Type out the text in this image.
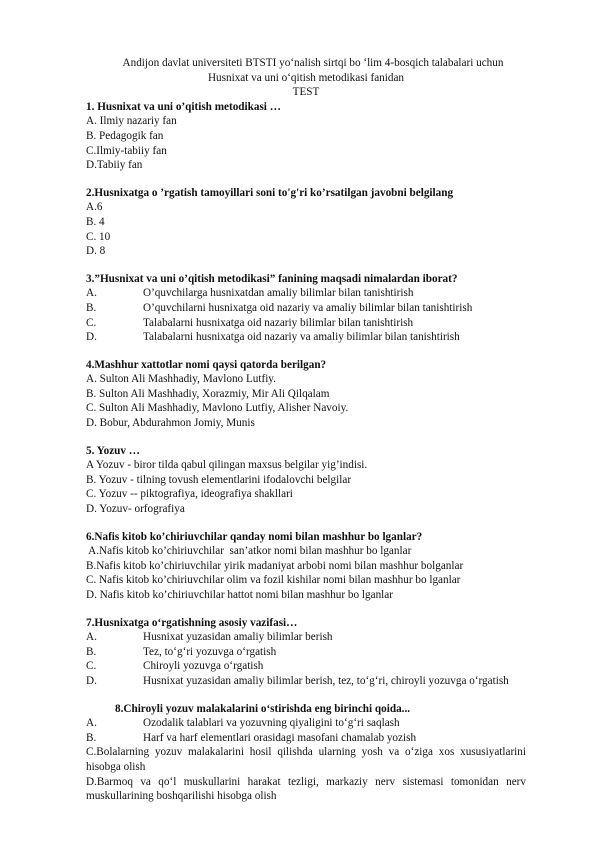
Andijon davlat universiteti BTSTI yo‘nalish sirtqi bo ‘lim 4-bosqich talabalari uchun
Husnixat va uni o‘qitish metodikasi fanidan
TEST
1. Husnixat va uni o’qitish metodikasi …
A. Ilmiy nazariy fan
B. Pedagogik fan
C.Ilmiy-tabiiy fan
D.Tabiiy fan
2.Husnixatga o ’rgatish tamoyillari soni to'g'ri ko’rsatilgan javobni belgilang
A.6
B. 4
C. 10
D. 8
3.”Husnixat va uni o’qitish metodikasi” fanining maqsadi nimalardan iborat?
A.	O’quvchilarga husnixatdan amaliy bilimlar bilan tanishtirish
B.	O’quvchilarni husnixatga oid nazariy va amaliy bilimlar bilan tanishtirish
C.	Talabalarni husnixatga oid nazariy bilimlar bilan tanishtirish
D.	Talabalarni husnixatga oid nazariy va amaliy bilimlar bilan tanishtirish
4.Mashhur xattotlar nomi qaysi qatorda berilgan?
A. Sulton Ali Mashhadiy, Mavlono Lutfiy.
B. Sulton Ali Mashhadiy, Xorazmiy, Mir Ali Qilqalam
C. Sulton Ali Mashhadiy, Mavlono Lutfiy, Alisher Navoiy.
D. Bobur, Abdurahmon Jomiy, Munis
5. Yozuv …
A Yozuv - biror tilda qabul qilingan maxsus belgilar yig’indisi.
B. Yozuv - tilning tovush elementlarini ifodalovchi belgilar
C. Yozuv -- piktografiya, ideografiya shakllari
D. Yozuv- orfografiya
6.Nafis kitob ko’chiriuvchilar qanday nomi bilan mashhur bo lganlar?
A.Nafis kitob ko’chiriuvchilar  san’atkor nomi bilan mashhur bo lganlar
B.Nafis kitob ko’chiriuvchilar yirik madaniyat arbobi nomi bilan mashhur bolganlar
C. Nafis kitob ko’chiriuvchilar olim va fozil kishilar nomi bilan mashhur bo lganlar
D. Nafis kitob ko’chiriuvchilar hattot nomi bilan mashhur bo lganlar
7.Husnixatga o‘rgatishning asosiy vazifasi…
A.	Husnixat yuzasidan amaliy bilimlar berish
B.	Tez, to‘g‘ri yozuvga o‘rgatish
C.	Chiroyli yozuvga o‘rgatish
D.	Husnixat yuzasidan amaliy bilimlar berish, tez, to‘g‘ri, chiroyli yozuvga o‘rgatish
8.Chiroyli yozuv malakalarini o‘stirishda eng birinchi qoida...
A.	Ozodalik talablari va yozuvning qiyaligini to‘g‘ri saqlash
B.	Harf va harf elementlari orasidagi masofani chamalab yozish
C.Bolalarning yozuv malakalarini hosil qilishda ularning yosh va o‘ziga xos xususiyatlarini hisobga olish
D.Barmoq va qo‘l muskullarini harakat tezligi, markaziy nerv sistemasi tomonidan nerv muskullarining boshqarilishi hisobga olish
